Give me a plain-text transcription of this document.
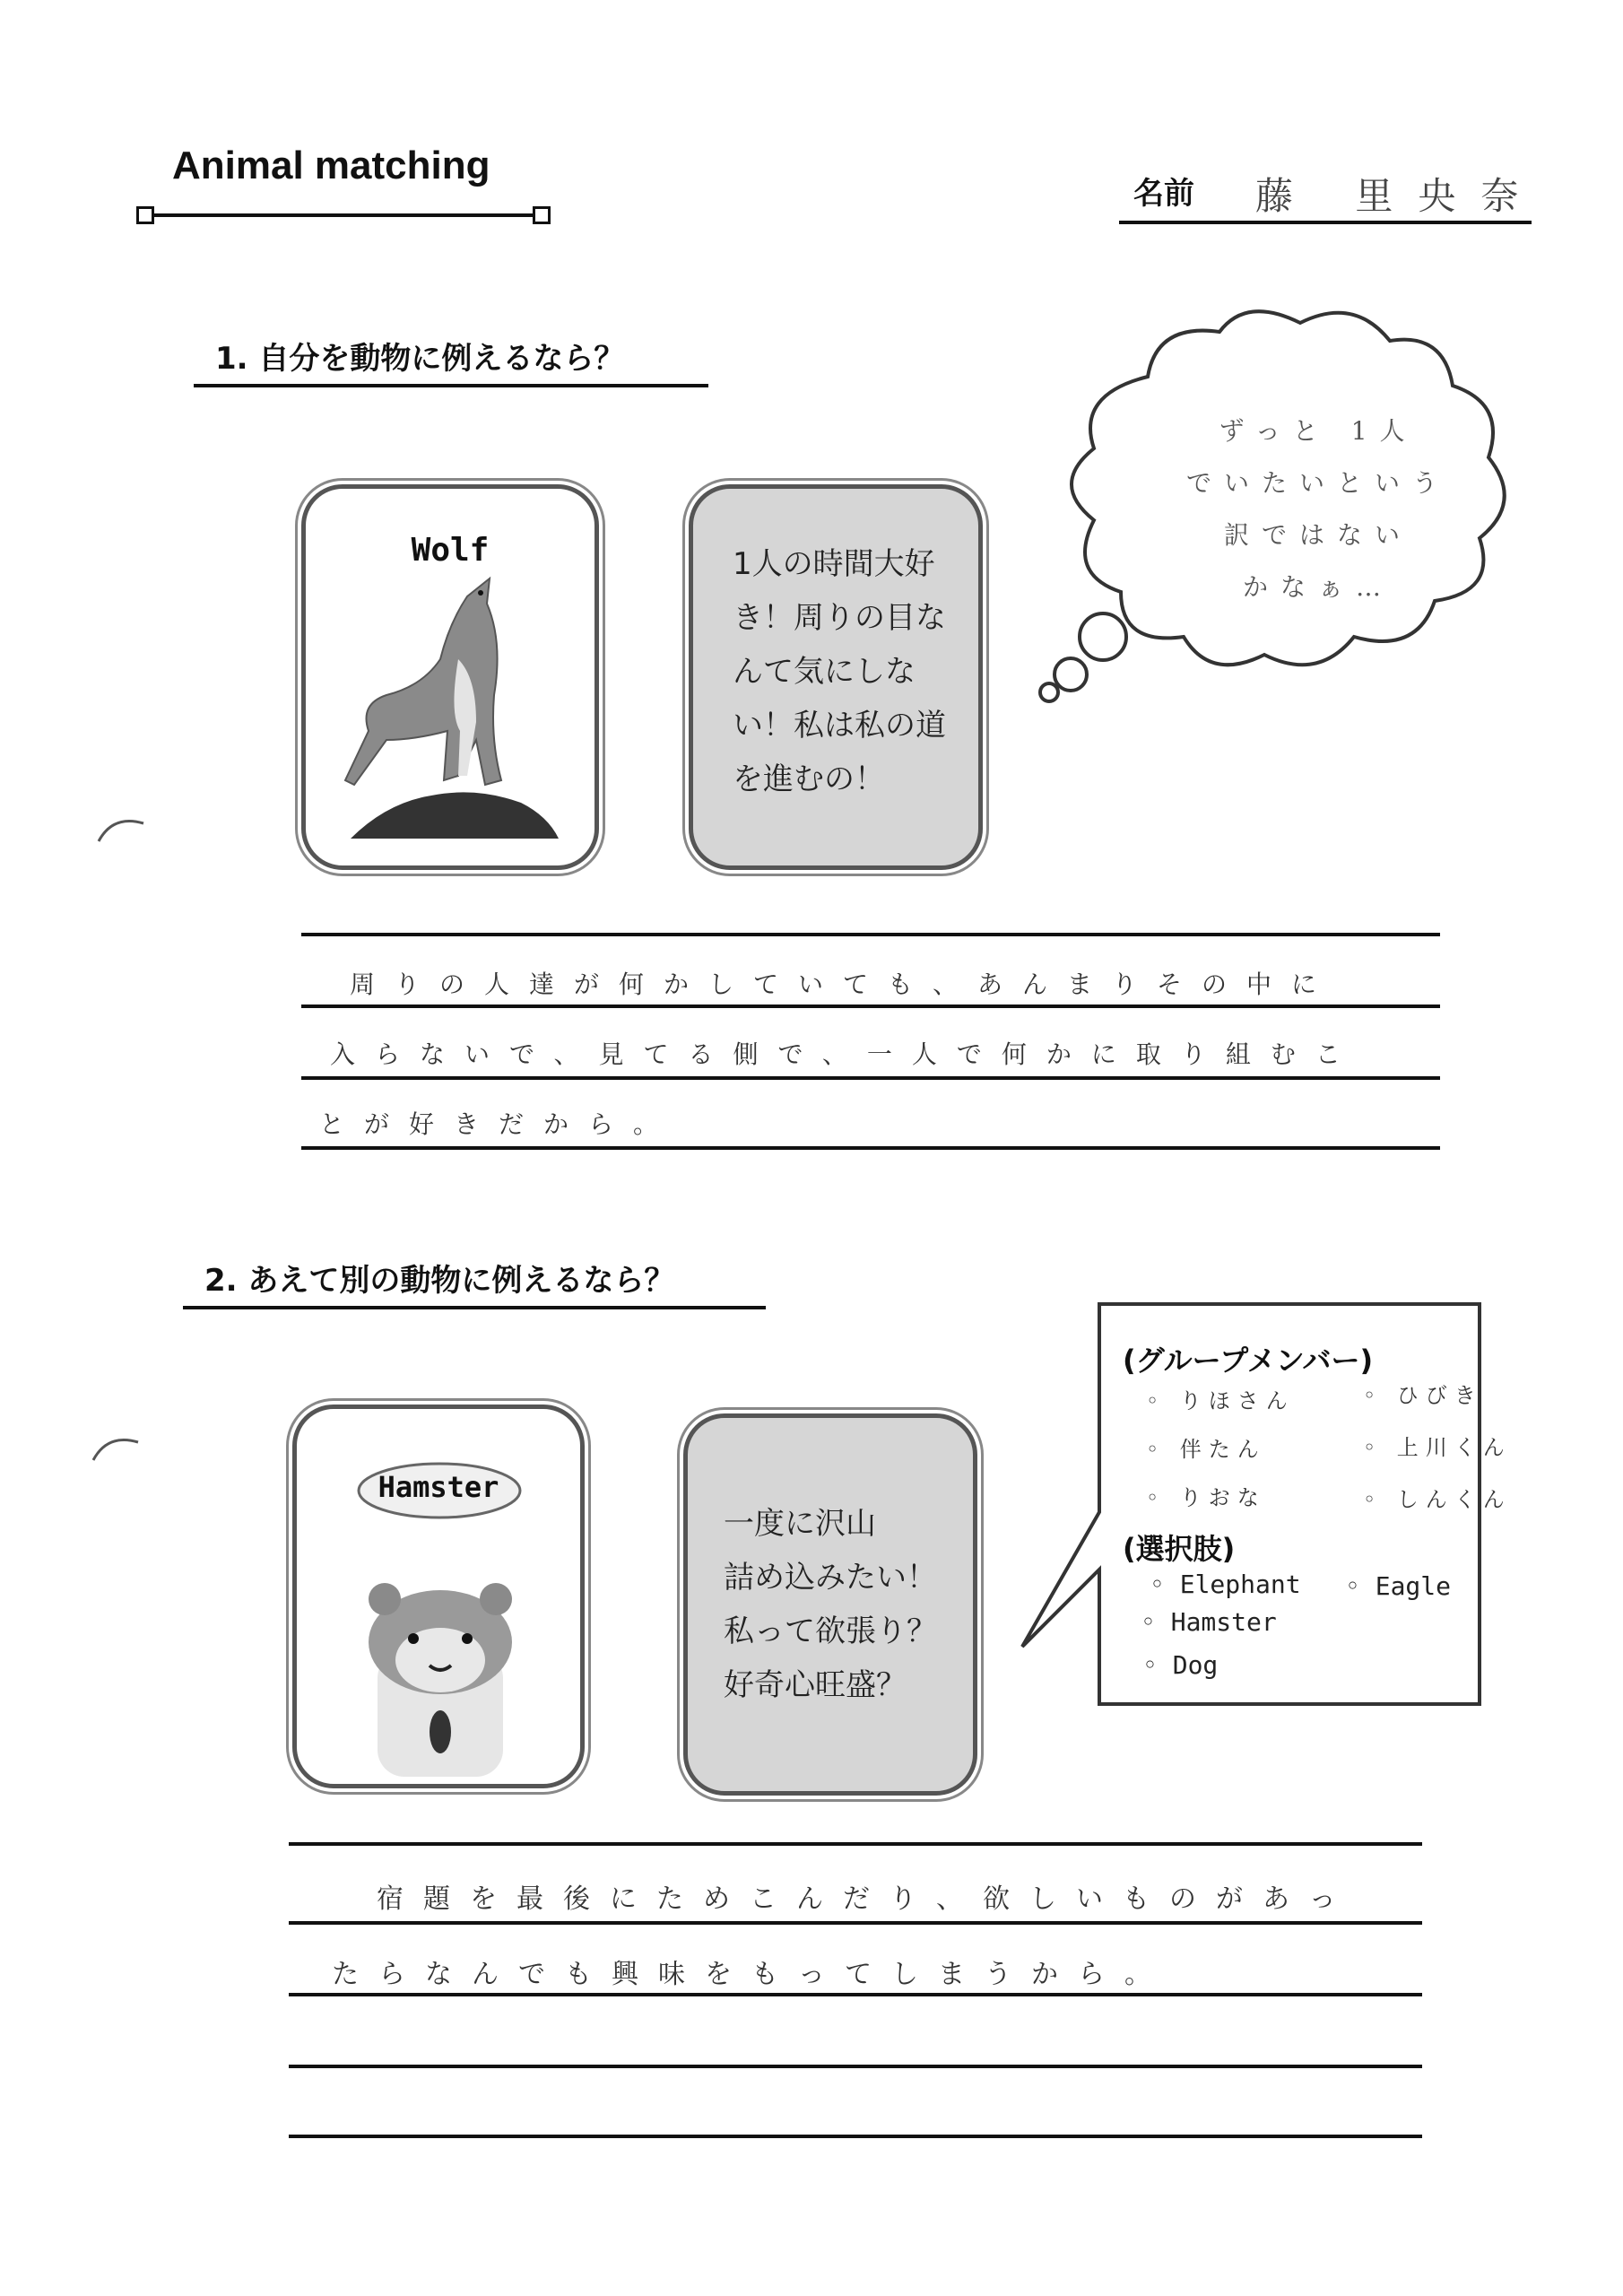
Animal matching
名前 藤 里央奈
1. 自分を動物に例えるなら？
Wolf	1人の時間大好
き！周りの目な
んて気にしな
い！私は私の道
を進むの！
ずっと 1人
でいたいという
訳ではない
かなぁ…
周りの人達が何かしていても、あんまりその中に
入らないで、見てる側で、一人で何かに取り組むこ
とが好きだから。
2. あえて別の動物に例えるなら？
Hamster
一度に沢山
詰め込みたい！
私って欲張り？
好奇心旺盛？
(グループメンバー)
◦ りほさん	◦ ひびき
◦ 伴たん	◦ 上川くん
◦ りおな	◦ しんくん
(選択肢)
◦ Elephant ◦ Eagle
◦ Hamster
◦ Dog
宿題を最後にためこんだり、欲しいものがあっ
たらなんでも興味をもってしまうから。
